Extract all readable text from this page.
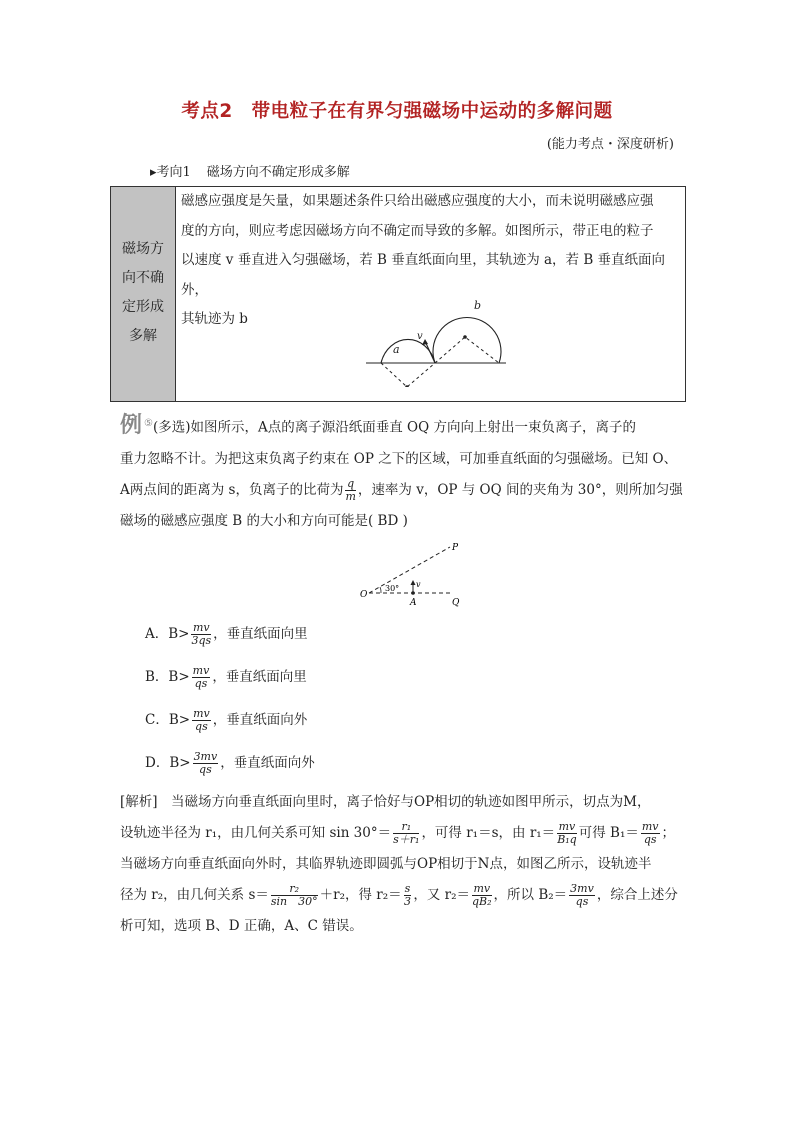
考点2　带电粒子在有界匀强磁场中运动的多解问题
(能力考点・深度研析)
▸考向1 磁场方向不确定形成多解
磁场方
向不确
定形成
多解
磁感应强度是矢量，如果题述条件只给出磁感应强度的大小，而未说明磁感应强
度的方向，则应考虑因磁场方向不确定而导致的多解。如图所示，带正电的粒子
以速度 v 垂直进入匀强磁场，若 B 垂直纸面向里，其轨迹为 a，若 B 垂直纸面向外，
其轨迹为 b
a
b
v
例 ⑤(多选)如图所示，A点的离子源沿纸面垂直 OQ 方向向上射出一束负离子，离子的
重力忽略不计。为把这束负离子约束在 OP 之下的区域，可加垂直纸面的匀强磁场。已知 O、
A两点间的距离为 s，负离子的比荷为 $\frac{q}{m}$ ，速率为 v，OP 与 OQ 间的夹角为 30°，则所加匀强
磁场的磁感应强度 B 的大小和方向可能是( BD )
P
O
A	Q
30° v
A．$B> \frac{mv}{3qs}$ ，垂直纸面向里
B．$B> \frac{mv}{qs}$ ，垂直纸面向里
C．$B> \frac{mv}{qs}$ ，垂直纸面向外
D．$B> \frac{3mv}{qs}$ ，垂直纸面向外
[解析]　当磁场方向垂直纸面向里时，离子恰好与OP相切的轨迹如图甲所示，切点为M，
设轨迹半径为 r₁，由几何关系可知 $\sin 30^\circ= \frac{\text{r₁}}{\text{s＋r₁}}$ ，可得 r₁＝s，由 $r_1= \frac{mv}{\text{B₁q}}$ 可得 $B_1= \frac{mv}{qs}$ ；
当磁场方向垂直纸面向外时，其临界轨迹即圆弧与OP相切于N点，如图乙所示，设轨迹半
径为 r₂，由几何关系 $s= \frac{\text{r₂}}{\sin 30^\circ} +r_2$，得 $r_2= \frac{s}{3}$ ，又 $r_2= \frac{mv}{\text{qB₂}}$ ，所以 $B_2= \frac{3mv}{qs}$ ，综合上述分
析可知，选项 B、D 正确，A、C 错误。
